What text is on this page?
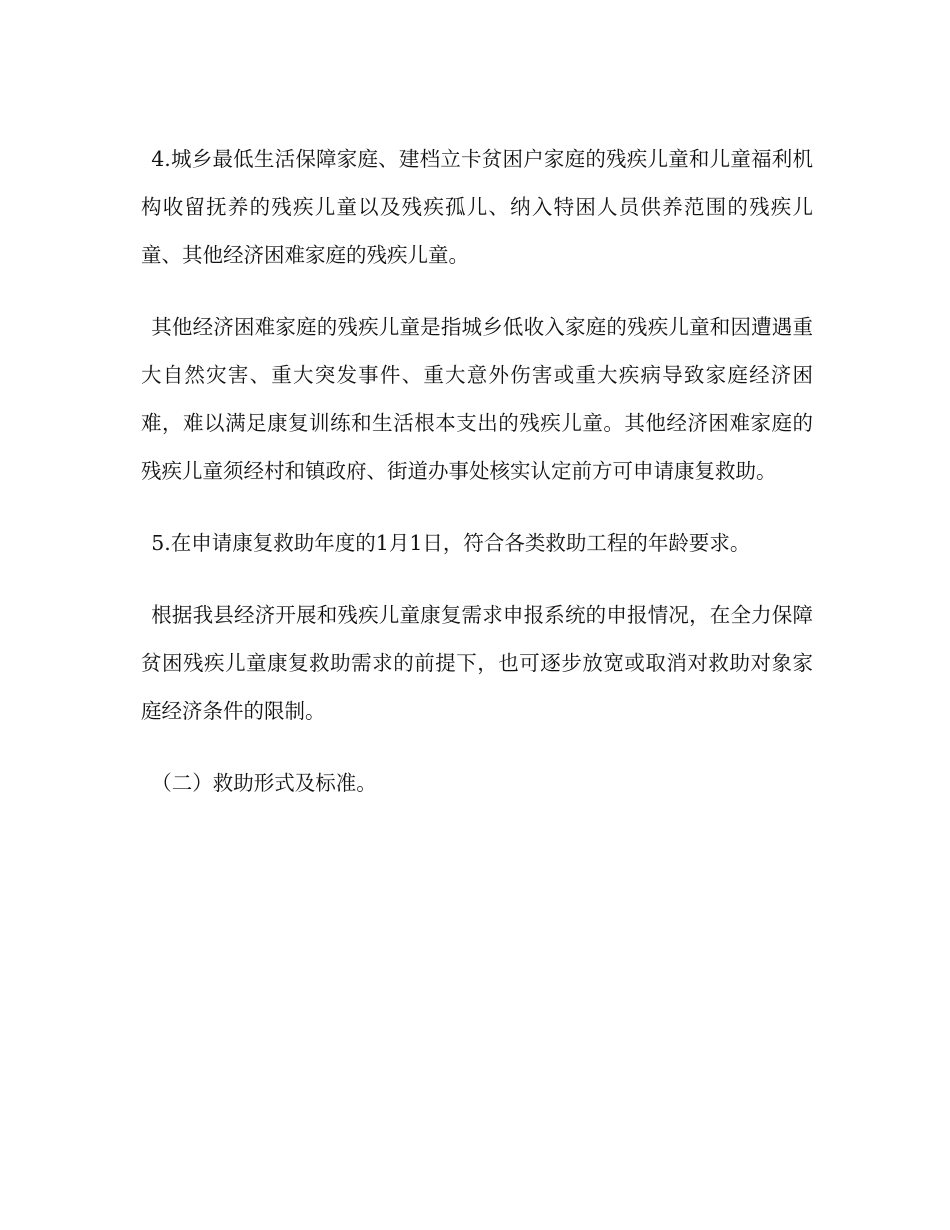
4.城乡最低生活保障家庭、建档立卡贫困户家庭的残疾儿童和儿童福利机构收留抚养的残疾儿童以及残疾孤儿、纳入特困人员供养范围的残疾儿童、其他经济困难家庭的残疾儿童。

其他经济困难家庭的残疾儿童是指城乡低收入家庭的残疾儿童和因遭遇重大自然灾害、重大突发事件、重大意外伤害或重大疾病导致家庭经济困难，难以满足康复训练和生活根本支出的残疾儿童。其他经济困难家庭的残疾儿童须经村和镇政府、街道办事处核实认定前方可申请康复救助。

5.在申请康复救助年度的1月1日，符合各类救助工程的年龄要求。

根据我县经济开展和残疾儿童康复需求申报系统的申报情况，在全力保障贫困残疾儿童康复救助需求的前提下，也可逐步放宽或取消对救助对象家庭经济条件的限制。

（二）救助形式及标准。
